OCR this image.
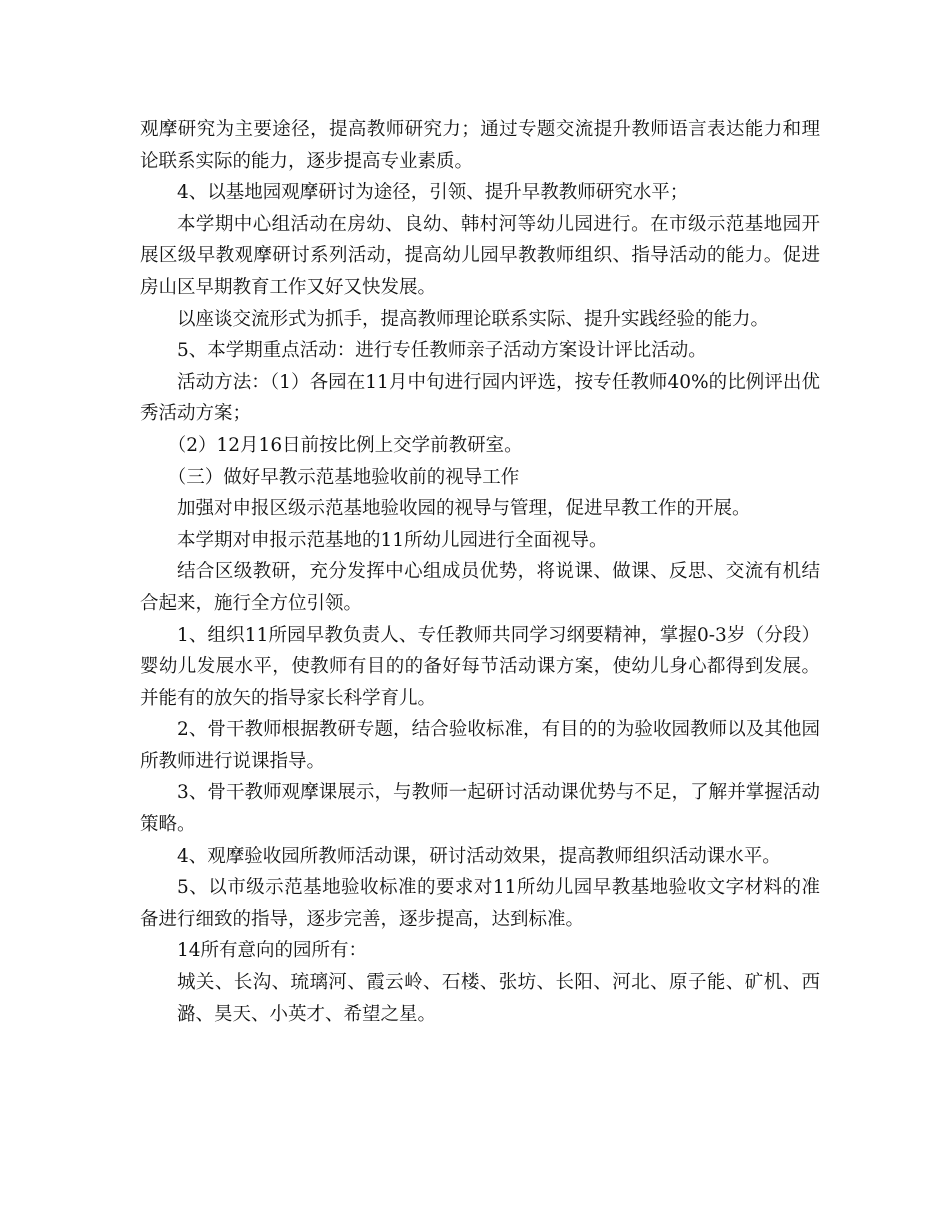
观摩研究为主要途径，提高教师研究力；通过专题交流提升教师语言表达能力和理论联系实际的能力，逐步提高专业素质。

4、以基地园观摩研讨为途径，引领、提升早教教师研究水平；

本学期中心组活动在房幼、良幼、韩村河等幼儿园进行。在市级示范基地园开展区级早教观摩研讨系列活动，提高幼儿园早教教师组织、指导活动的能力。促进房山区早期教育工作又好又快发展。

以座谈交流形式为抓手，提高教师理论联系实际、提升实践经验的能力。

5、本学期重点活动：进行专任教师亲子活动方案设计评比活动。

活动方法：（1）各园在11月中旬进行园内评选，按专任教师40%的比例评出优秀活动方案；

（2）12月16日前按比例上交学前教研室。

（三）做好早教示范基地验收前的视导工作

加强对申报区级示范基地验收园的视导与管理，促进早教工作的开展。

本学期对申报示范基地的11所幼儿园进行全面视导。

结合区级教研，充分发挥中心组成员优势，将说课、做课、反思、交流有机结合起来，施行全方位引领。

1、组织11所园早教负责人、专任教师共同学习纲要精神，掌握0-3岁（分段）婴幼儿发展水平，使教师有目的的备好每节活动课方案，使幼儿身心都得到发展。并能有的放矢的指导家长科学育儿。

2、骨干教师根据教研专题，结合验收标准，有目的的为验收园教师以及其他园所教师进行说课指导。

3、骨干教师观摩课展示，与教师一起研讨活动课优势与不足，了解并掌握活动策略。

4、观摩验收园所教师活动课，研讨活动效果，提高教师组织活动课水平。

5、以市级示范基地验收标准的要求对11所幼儿园早教基地验收文字材料的准备进行细致的指导，逐步完善，逐步提高，达到标准。

14所有意向的园所有：

城关、长沟、琉璃河、霞云岭、石楼、张坊、长阳、河北、原子能、矿机、西潞、昊天、小英才、希望之星。
